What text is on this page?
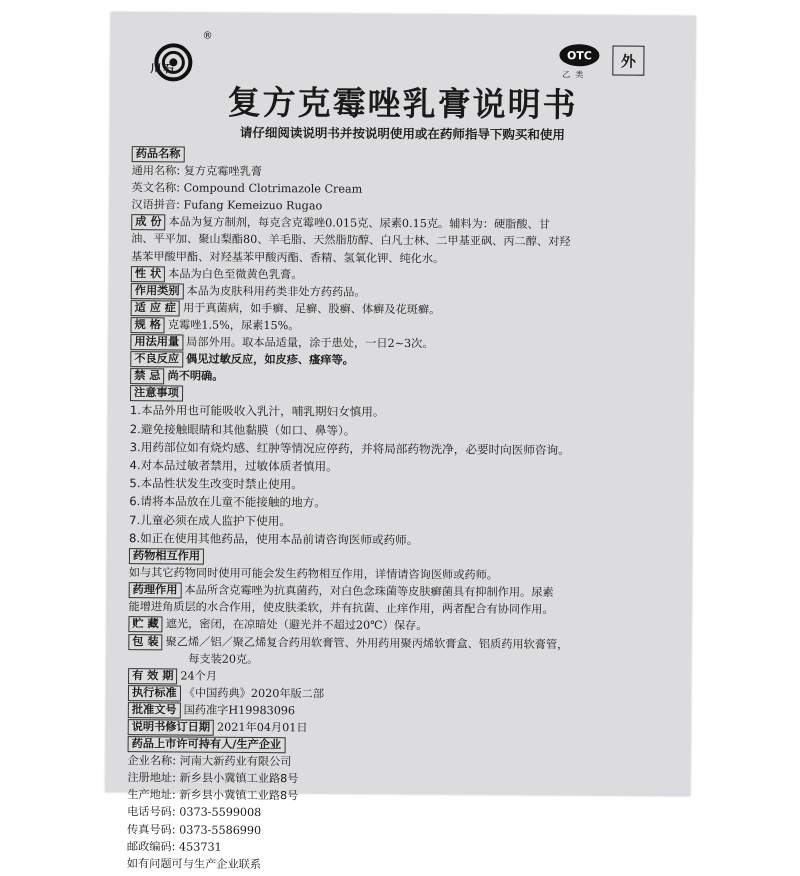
®
川石
OTC
乙类
外
复方克霉唑乳膏说明书
请仔细阅读说明书并按说明使用或在药师指导下购买和使用
药品名称
通用名称: 复方克霉唑乳膏
英文名称: Compound Clotrimazole Cream
汉语拼音: Fufang Kemeizuo Rugao
成 份 本品为复方制剂，每克含克霉唑0.015克、尿素0.15克。辅料为：硬脂酸、甘
油、平平加、聚山梨酯80、羊毛脂、天然脂肪醇、白凡士林、二甲基亚砜、丙二醇、对羟
基苯甲酸甲酯、对羟基苯甲酸丙酯、香精、氢氧化钾、纯化水。
性 状 本品为白色至微黄色乳膏。
作用类别 本品为皮肤科用药类非处方药药品。
适 应 症 用于真菌病，如手癣、足癣、股癣、体癣及花斑癣。
规 格 克霉唑1.5%，尿素15%。
用法用量 局部外用。取本品适量，涂于患处，一日2~3次。
不良反应 偶见过敏反应，如皮疹、瘙痒等。
禁 忌 尚不明确。
注意事项
1.本品外用也可能吸收入乳汁，哺乳期妇女慎用。
2.避免接触眼睛和其他黏膜（如口、鼻等）。
3.用药部位如有烧灼感、红肿等情况应停药，并将局部药物洗净，必要时向医师咨询。
4.对本品过敏者禁用，过敏体质者慎用。
5.本品性状发生改变时禁止使用。
6.请将本品放在儿童不能接触的地方。
7.儿童必须在成人监护下使用。
8.如正在使用其他药品，使用本品前请咨询医师或药师。
药物相互作用
如与其它药物同时使用可能会发生药物相互作用，详情请咨询医师或药师。
药理作用 本品所含克霉唑为抗真菌药，对白色念珠菌等皮肤癣菌具有抑制作用。尿素
能增进角质层的水合作用，使皮肤柔软，并有抗菌、止痒作用，两者配合有协同作用。
贮 藏 遮光，密闭，在凉暗处（避光并不超过20℃）保存。
包 装 聚乙烯／铝／聚乙烯复合药用软膏管、外用药用聚丙烯软膏盒、铝质药用软膏管，
每支装20克。
有 效 期 24个月
执行标准 《中国药典》2020年版二部
批准文号 国药准字H19983096
说明书修订日期 2021年04月01日
药品上市许可持有人/生产企业
企业名称: 河南大新药业有限公司
注册地址: 新乡县小冀镇工业路8号
生产地址: 新乡县小冀镇工业路8号
电话号码: 0373-5599008
传真号码: 0373-5586990
邮政编码: 453731
如有问题可与生产企业联系
